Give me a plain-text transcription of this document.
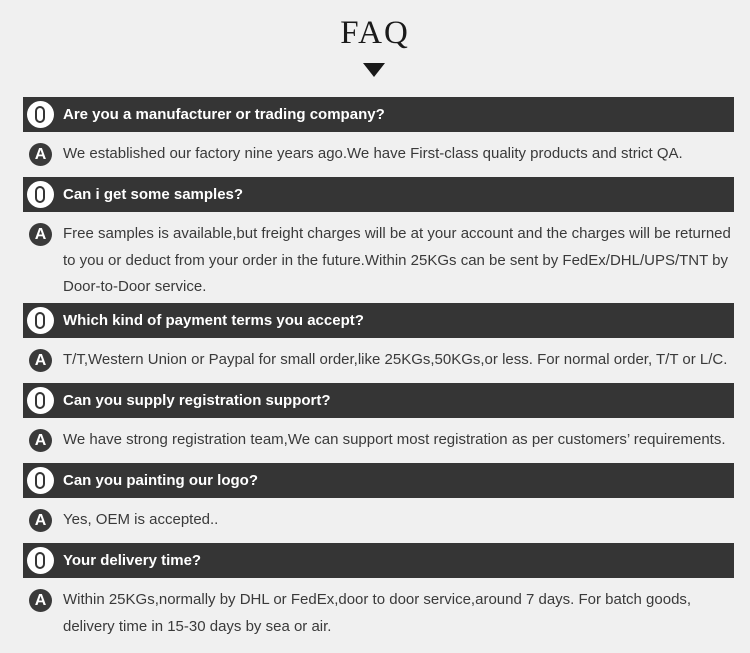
FAQ
Are you a manufacturer or trading company?
A	We established our factory nine years ago.We have First-class quality products and strict QA.
Can i get some samples?
A	Free samples is available,but freight charges will be at your account and the charges will be returned to you or deduct from your order in the future.Within 25KGs can be sent by FedEx/DHL/UPS/TNT by Door-to-Door service.
Which kind of payment terms you accept?
A	T/T,Western Union or Paypal for small order,like 25KGs,50KGs,or less. For normal order, T/T or L/C.
Can you supply registration support?
A	We have strong registration team,We can support most registration as per customers’ requirements.
Can you painting our logo?
A	Yes, OEM is accepted..
Your delivery time?
A	Within 25KGs,normally by DHL or FedEx,door to door service,around 7 days. For batch goods, delivery time in 15-30 days by sea or air.
